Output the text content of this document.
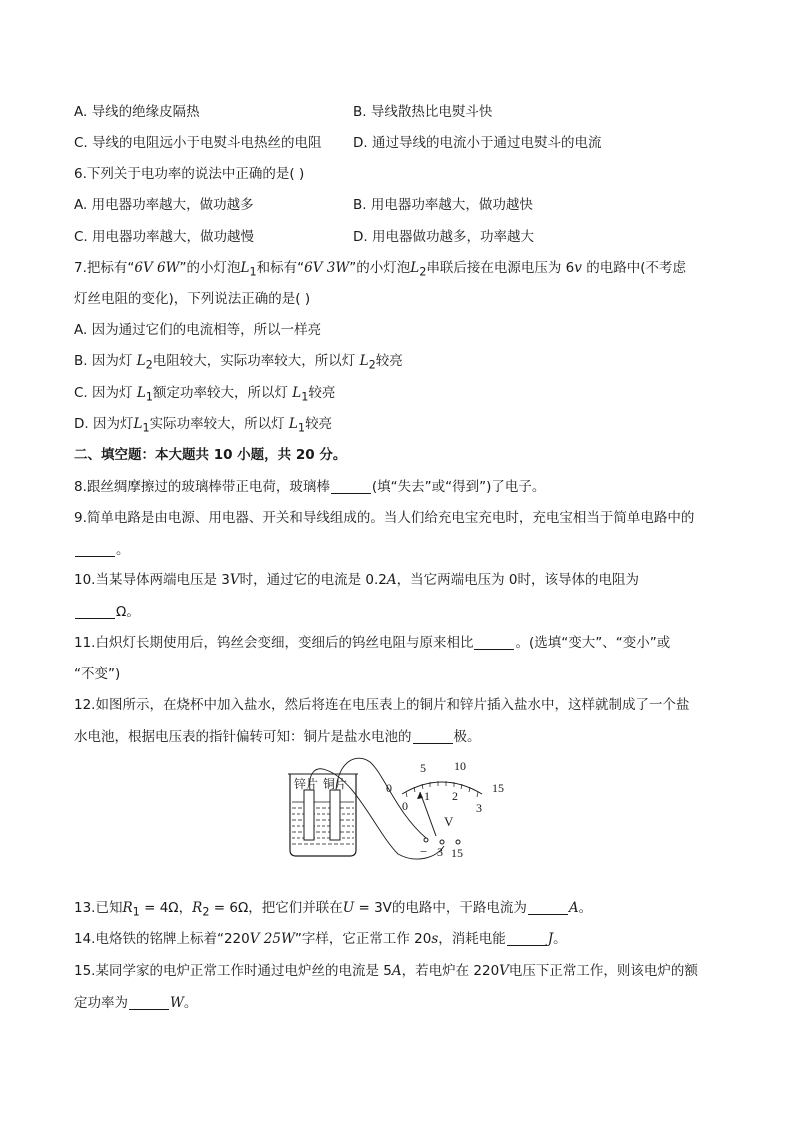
A. 导线的绝缘皮隔热	B. 导线散热比电熨斗快
C. 导线的电阻远小于电熨斗电热丝的电阻 D. 通过导线的电流小于通过电熨斗的电流
6.下列关于电功率的说法中正确的是( )
A. 用电器功率越大，做功越多	B. 用电器功率越大，做功越快
C. 用电器功率越大，做功越慢	D. 用电器做功越多，功率越大
7.把标有“6V 6W”的小灯泡$L_1$和标有“6V 3W”的小灯泡$L_2$串联后接在电源电压为 6v 的电路中(不考虑
灯丝电阻的变化)，下列说法正确的是( )
A. 因为通过它们的电流相等，所以一样亮
B. 因为灯 $L_2$电阻较大，实际功率较大，所以灯 $L_2$较亮
C. 因为灯 $L_1$额定功率较大，所以灯 $L_1$较亮
D. 因为灯$L_1$实际功率较大，所以灯 $L_1$较亮
二、填空题：本大题共 10 小题，共 20 分。
8.跟丝绸摩擦过的玻璃棒带正电荷，玻璃棒	(填“失去”或“得到”)了电子。
9.简单电路是由电源、用电器、开关和导线组成的。当人们给充电宝充电时，充电宝相当于简单电路中的
。
10.当某导体两端电压是 3V时，通过它的电流是 0.2A，当它两端电压为 0时，该导体的电阻为
Ω。
11.白炽灯长期使用后，钨丝会变细，变细后的钨丝电阻与原来相比	。(选填“变大”、“变小”或
“不变”)
12.如图所示，在烧杯中加入盐水，然后将连在电压表上的铜片和锌片插入盐水中，这样就制成了一个盐
水电池，根据电压表的指针偏转可知：铜片是盐水电池的	极。
锌片 铜片	0
5 10
15
0
1 2
3
V
− 3 15
13.已知$R_1 = 4\Omega$，$R_2 = 6\Omega$，把它们并联在U = 3V的电路中，干路电流为	A。
14.电烙铁的铭牌上标着“220V 25W”字样，它正常工作 20s，消耗电能	J。
15.某同学家的电炉正常工作时通过电炉丝的电流是 5A，若电炉在 220V电压下正常工作，则该电炉的额
定功率为	W。
